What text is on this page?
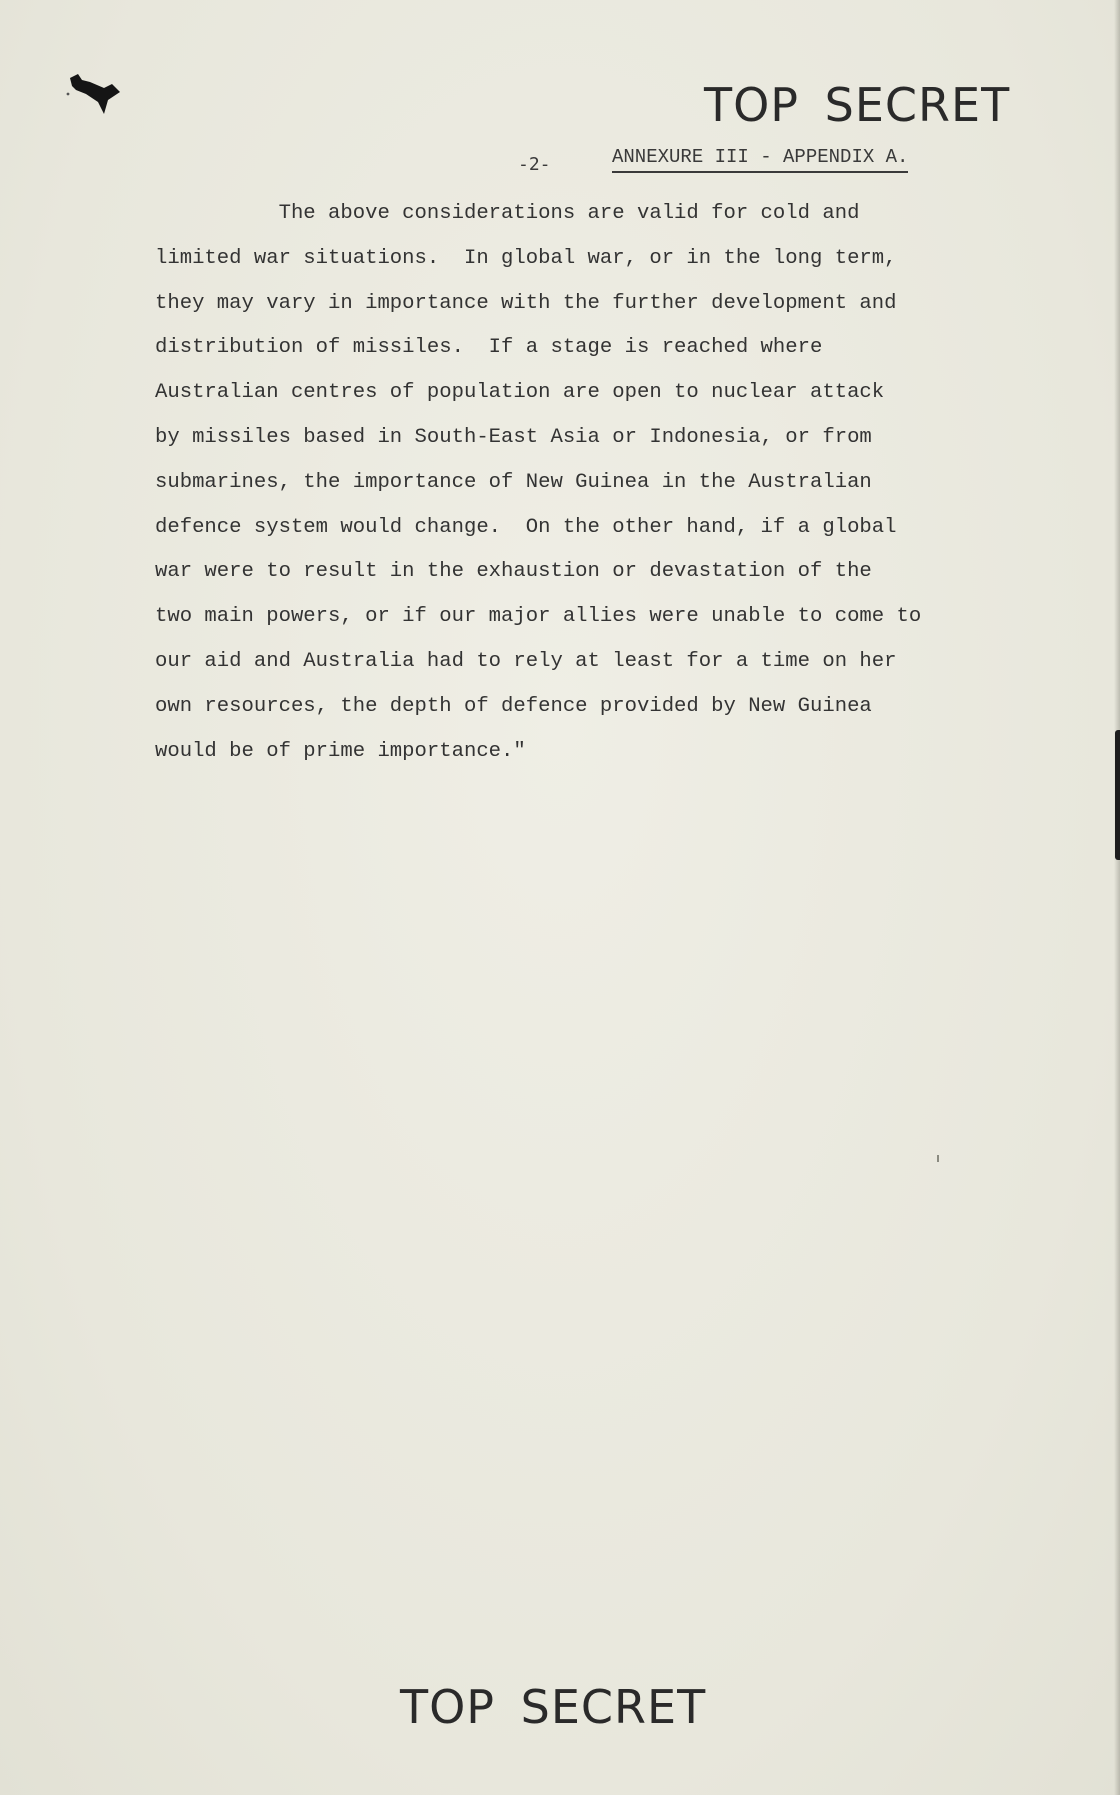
TOP SECRET
-2-	ANNEXURE III - APPENDIX A.
The above considerations are valid for cold and
limited war situations.  In global war, or in the long term,
they may vary in importance with the further development and
distribution of missiles.  If a stage is reached where
Australian centres of population are open to nuclear attack
by missiles based in South-East Asia or Indonesia, or from
submarines, the importance of New Guinea in the Australian
defence system would change.  On the other hand, if a global
war were to result in the exhaustion or devastation of the
two main powers, or if our major allies were unable to come to
our aid and Australia had to rely at least for a time on her
own resources, the depth of defence provided by New Guinea
would be of prime importance."
TOP SECRET
